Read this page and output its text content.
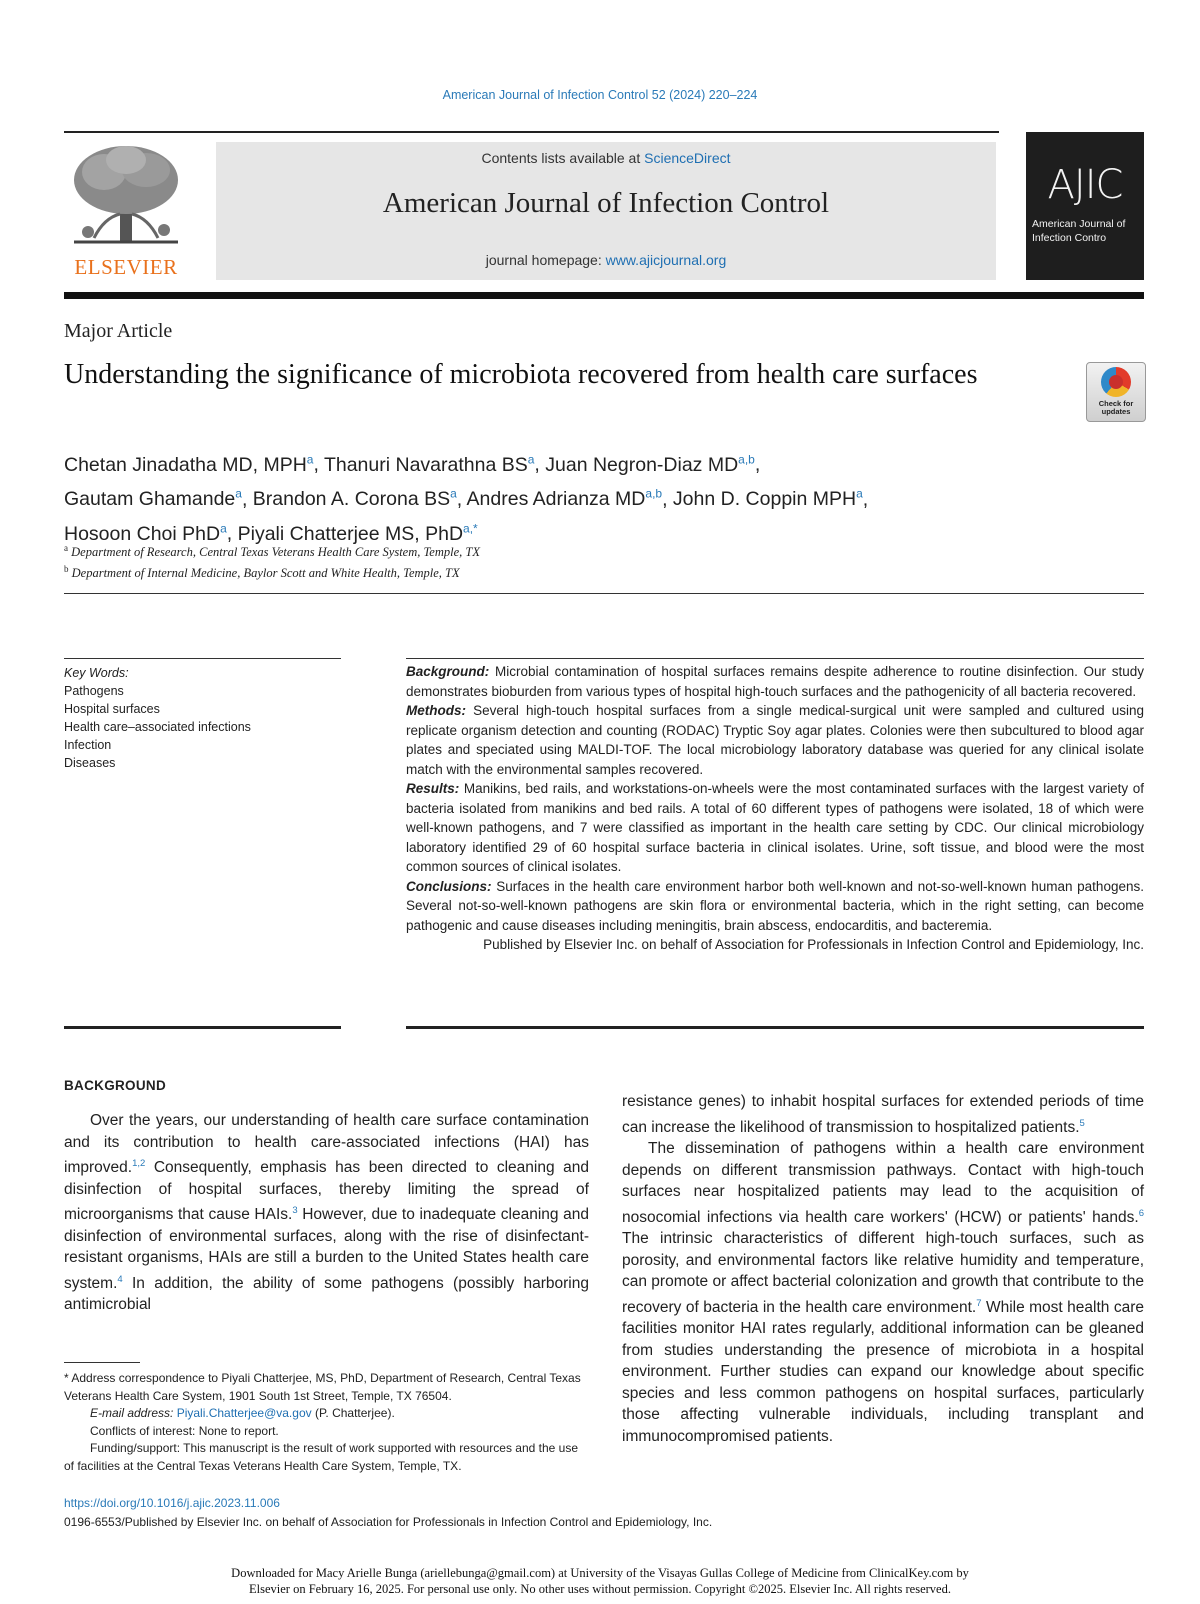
American Journal of Infection Control 52 (2024) 220–224
ELSEVIER
Contents lists available at ScienceDirect
American Journal of Infection Control
journal homepage: www.ajicjournal.org
AJIC
American Journal of Infection Contro
Major Article
Understanding the significance of microbiota recovered from health care surfaces
Check for updates
Chetan Jinadatha MD, MPH$^a$, Thanuri Navarathna $BS^a$, Juan Negron-Diaz MD$^{a,b}$,
Gautam Ghamande$^a$, Brandon A. Corona $BS^a$, Andres Adrianza MD$^{a,b}$, John D. Coppin MPH$^a$,
Hosoon Choi PhD$^a$, Piyali Chatterjee MS, PhD$^{a,*}$
$^a$ Department of Research, Central Texas Veterans Health Care System, Temple, TX
$^b$ Department of Internal Medicine, Baylor Scott and White Health, Temple, TX
Key Words:
Pathogens
Hospital surfaces
Health care–associated infections
Infection
Diseases

Background: Microbial contamination of hospital surfaces remains despite adherence to routine disinfection. Our study demonstrates bioburden from various types of hospital high-touch surfaces and the pathogenicity of all bacteria recovered.

Methods: Several high-touch hospital surfaces from a single medical-surgical unit were sampled and cultured using replicate organism detection and counting (RODAC) Tryptic Soy agar plates. Colonies were then subcultured to blood agar plates and speciated using MALDI-TOF. The local microbiology laboratory database was queried for any clinical isolate match with the environmental samples recovered.

Results: Manikins, bed rails, and workstations-on-wheels were the most contaminated surfaces with the largest variety of bacteria isolated from manikins and bed rails. A total of 60 different types of pathogens were isolated, 18 of which were well-known pathogens, and 7 were classified as important in the health care setting by CDC. Our clinical microbiology laboratory identified 29 of 60 hospital surface bacteria in clinical isolates. Urine, soft tissue, and blood were the most common sources of clinical isolates.

Conclusions: Surfaces in the health care environment harbor both well-known and not-so-well-known human pathogens. Several not-so-well-known pathogens are skin flora or environmental bacteria, which in the right setting, can become pathogenic and cause diseases including meningitis, brain abscess, endocarditis, and bacteremia.

Published by Elsevier Inc. on behalf of Association for Professionals in Infection Control and Epidemiology, Inc.

BACKGROUND

Over the years, our understanding of health care surface contamination and its contribution to health care-associated infections (HAI) has improved.$^{1,2}$ Consequently, emphasis has been directed to cleaning and disinfection of hospital surfaces, thereby limiting the spread of microorganisms that cause HAIs.$^3$ However, due to inadequate cleaning and disinfection of environmental surfaces, along with the rise of disinfectant-resistant organisms, HAIs are still a burden to the United States health care system.$^4$ In addition, the ability of some pathogens (possibly harboring antimicrobial

resistance genes) to inhabit hospital surfaces for extended periods of time can increase the likelihood of transmission to hospitalized patients.$^5$

The dissemination of pathogens within a health care environment depends on different transmission pathways. Contact with high-touch surfaces near hospitalized patients may lead to the acquisition of nosocomial infections via health care workers' (HCW) or patients' hands.$^6$ The intrinsic characteristics of different high-touch surfaces, such as porosity, and environmental factors like relative humidity and temperature, can promote or affect bacterial colonization and growth that contribute to the recovery of bacteria in the health care environment.$^7$ While most health care facilities monitor HAI rates regularly, additional information can be gleaned from studies understanding the presence of microbiota in a hospital environment. Further studies can expand our knowledge about specific species and less common pathogens on hospital surfaces, particularly those affecting vulnerable individuals, including transplant and immunocompromised patients.

* Address correspondence to Piyali Chatterjee, MS, PhD, Department of Research, Central Texas Veterans Health Care System, 1901 South 1st Street, Temple, TX 76504.

E-mail address: Piyali.Chatterjee@va.gov (P. Chatterjee).

Conflicts of interest: None to report.

Funding/support: This manuscript is the result of work supported with resources and the use of facilities at the Central Texas Veterans Health Care System, Temple, TX.

https://doi.org/10.1016/j.ajic.2023.11.006
0196-6553/Published by Elsevier Inc. on behalf of Association for Professionals in Infection Control and Epidemiology, Inc.
Downloaded for Macy Arielle Bunga (ariellebunga@gmail.com) at University of the Visayas Gullas College of Medicine from ClinicalKey.com by
Elsevier on February 16, 2025. For personal use only. No other uses without permission. Copyright ©2025. Elsevier Inc. All rights reserved.
